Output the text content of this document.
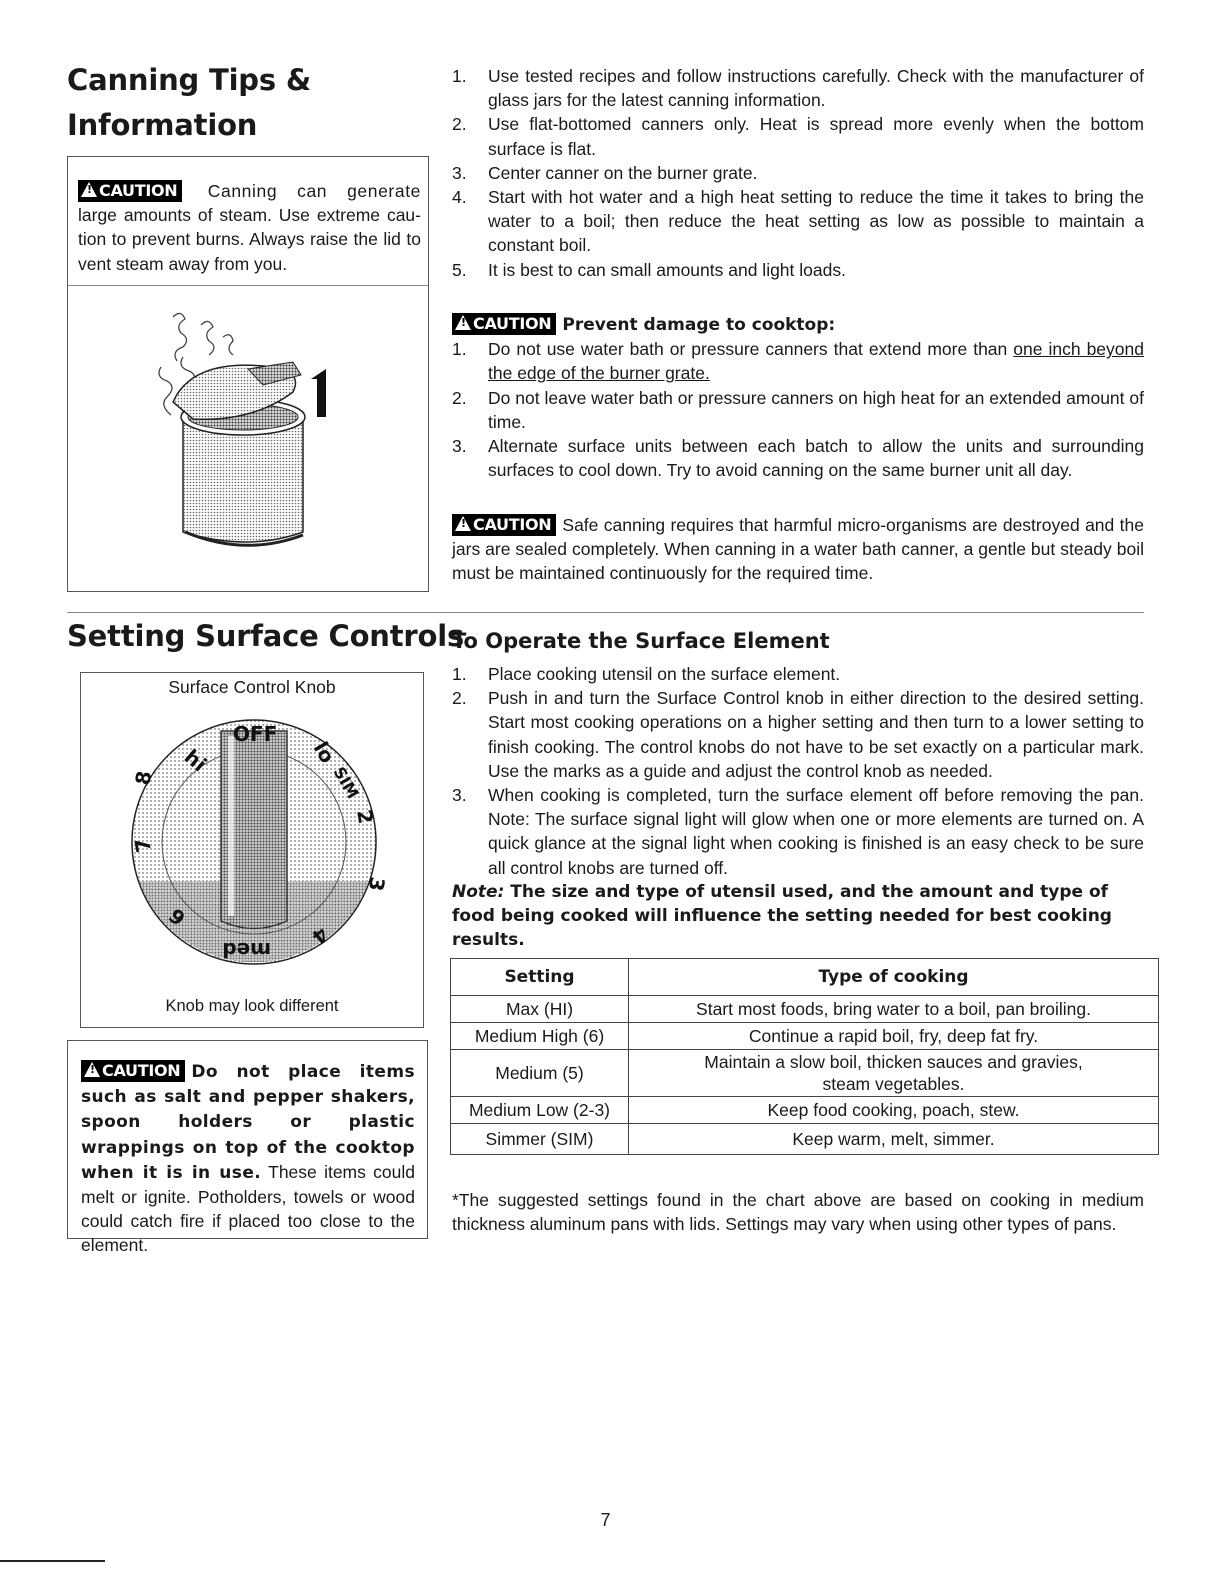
Canning Tips &
Information
!CAUTION Canning can generate large amounts of steam. Use extreme cau-tion to prevent burns. Always raise the lid to vent steam away from you.
1. Use tested recipes and follow instructions carefully. Check with the manufacturer of glass jars for the latest canning information.
2. Use flat-bottomed canners only. Heat is spread more evenly when the bottom surface is flat.
3. Center canner on the burner grate.
4. Start with hot water and a high heat setting to reduce the time it takes to bring the water to a boil; then reduce the heat setting as low as possible to maintain a constant boil.
5. It is best to can small amounts and light loads.
!CAUTION Prevent damage to cooktop:
1. Do not use water bath or pressure canners that extend more than one inch beyond the edge of the burner grate.
2. Do not leave water bath or pressure canners on high heat for an extended amount of time.
3. Alternate surface units between each batch to allow the units and surrounding surfaces to cool down. Try to avoid canning on the same burner unit all day.
!CAUTION Safe canning requires that harmful micro-organisms are destroyed and the jars are sealed completely. When canning in a water bath canner, a gentle but steady boil must be maintained continuously for the required time.
Setting Surface Controls
Surface Control Knob
OFF
hi	lo
SIM
2
3
4
med
6
7
8
Knob may look different
!CAUTION Do not place items such as salt and pepper shakers, spoon holders or plastic wrappings on top of the cooktop when it is in use. These items could melt or ignite. Potholders, towels or wood could catch fire if placed too close to the element.
To Operate the Surface Element
1. Place cooking utensil on the surface element.
2. Push in and turn the Surface Control knob in either direction to the desired setting. Start most cooking operations on a higher setting and then turn to a lower setting to finish cooking. The control knobs do not have to be set exactly on a particular mark. Use the marks as a guide and adjust the control knob as needed.
3. When cooking is completed, turn the surface element off before removing the pan. Note: The surface signal light will glow when one or more elements are turned on. A quick glance at the signal light when cooking is finished is an easy check to be sure all control knobs are turned off.
Note: The size and type of utensil used, and the amount and type of food being cooked will influence the setting needed for best cooking results.
Setting	Type of cooking
Max (HI)	Start most foods, bring water to a boil, pan broiling.
Medium High (6)	Continue a rapid boil, fry, deep fat fry.
Medium (5)	Maintain a slow boil, thicken sauces and gravies, steam vegetables.
Medium Low (2-3)	Keep food cooking, poach, stew.
Simmer (SIM)	Keep warm, melt, simmer.
*The suggested settings found in the chart above are based on cooking in medium thickness aluminum pans with lids. Settings may vary when using other types of pans.
7
